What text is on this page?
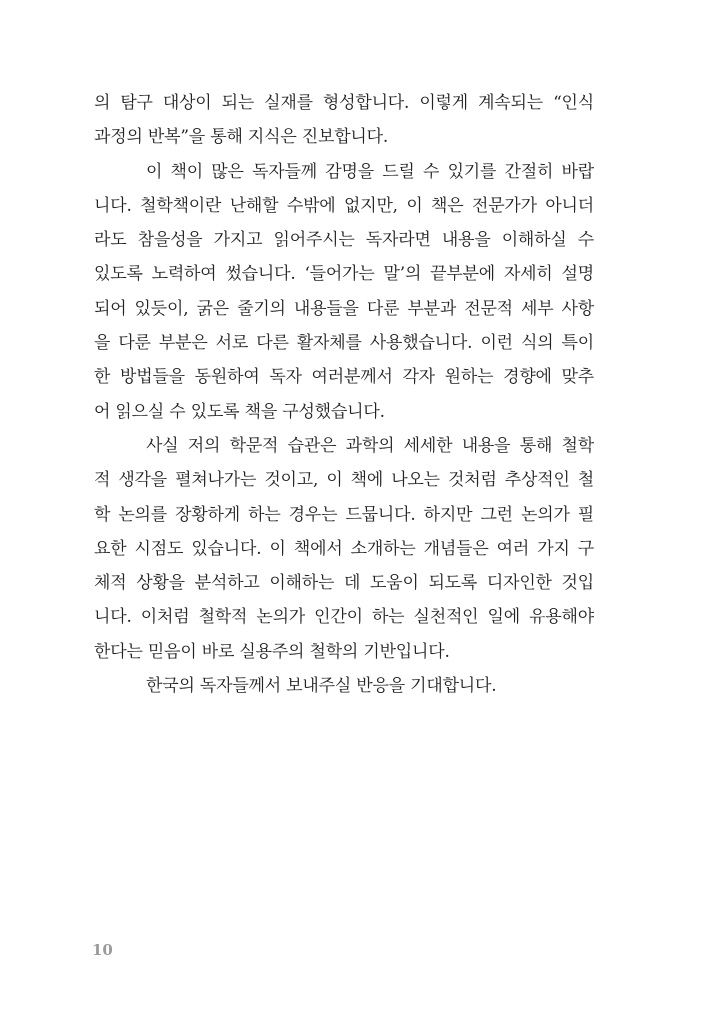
의 탐구 대상이 되는 실재를 형성합니다. 이렇게 계속되는 “인식
과정의 반복”을 통해 지식은 진보합니다.
이 책이 많은 독자들께 감명을 드릴 수 있기를 간절히 바랍
니다. 철학책이란 난해할 수밖에 없지만, 이 책은 전문가가 아니더
라도 참을성을 가지고 읽어주시는 독자라면 내용을 이해하실 수
있도록 노력하여 썼습니다. ‘들어가는 말’의 끝부분에 자세히 설명
되어 있듯이, 굵은 줄기의 내용들을 다룬 부분과 전문적 세부 사항
을 다룬 부분은 서로 다른 활자체를 사용했습니다. 이런 식의 특이
한 방법들을 동원하여 독자 여러분께서 각자 원하는 경향에 맞추
어 읽으실 수 있도록 책을 구성했습니다.
사실 저의 학문적 습관은 과학의 세세한 내용을 통해 철학
적 생각을 펼쳐나가는 것이고, 이 책에 나오는 것처럼 추상적인 철
학 논의를 장황하게 하는 경우는 드뭅니다. 하지만 그런 논의가 필
요한 시점도 있습니다. 이 책에서 소개하는 개념들은 여러 가지 구
체적 상황을 분석하고 이해하는 데 도움이 되도록 디자인한 것입
니다. 이처럼 철학적 논의가 인간이 하는 실천적인 일에 유용해야
한다는 믿음이 바로 실용주의 철학의 기반입니다.
한국의 독자들께서 보내주실 반응을 기대합니다.
10
